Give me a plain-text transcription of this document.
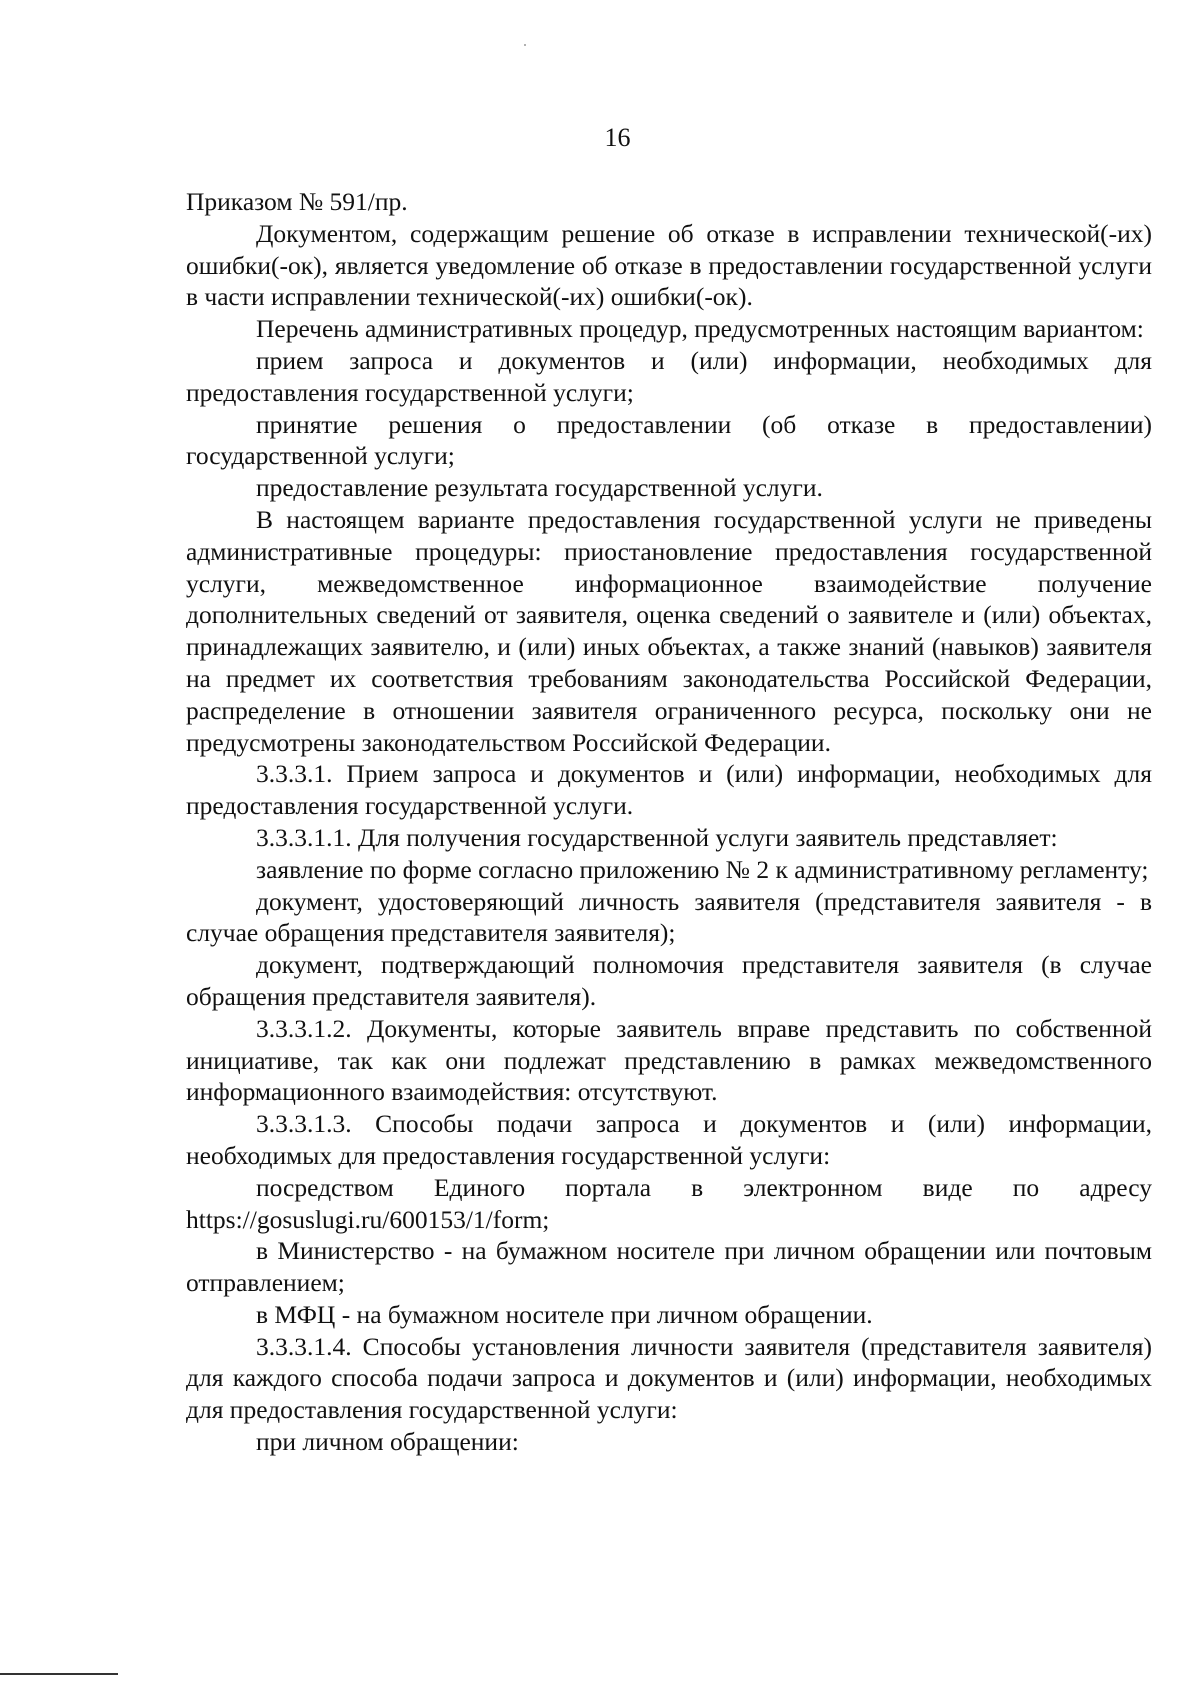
16

Приказом № 591/пр.

Документом, содержащим решение об отказе в исправлении технической(-их) ошибки(-ок), является уведомление об отказе в предоставлении государственной услуги в части исправлении технической(-их) ошибки(-ок).

Перечень административных процедур, предусмотренных настоящим вариантом:

прием запроса и документов и (или) информации, необходимых для предоставления государственной услуги;

принятие решения о предоставлении (об отказе в предоставлении) государственной услуги;

предоставление результата государственной услуги.

В настоящем варианте предоставления государственной услуги не приведены административные процедуры: приостановление предоставления государственной услуги, межведомственное информационное взаимодействие получение дополнительных сведений от заявителя, оценка сведений о заявителе и (или) объектах, принадлежащих заявителю, и (или) иных объектах, а также знаний (навыков) заявителя на предмет их соответствия требованиям законодательства Российской Федерации, распределение в отношении заявителя ограниченного ресурса, поскольку они не предусмотрены законодательством Российской Федерации.

3.3.3.1. Прием запроса и документов и (или) информации, необходимых для предоставления государственной услуги.

3.3.3.1.1. Для получения государственной услуги заявитель представляет:

заявление по форме согласно приложению № 2 к административному регламенту;

документ, удостоверяющий личность заявителя (представителя заявителя - в случае обращения представителя заявителя);

документ, подтверждающий полномочия представителя заявителя (в случае обращения представителя заявителя).

3.3.3.1.2. Документы, которые заявитель вправе представить по собственной инициативе, так как они подлежат представлению в рамках межведомственного информационного взаимодействия: отсутствуют.

3.3.3.1.3. Способы подачи запроса и документов и (или) информации, необходимых для предоставления государственной услуги:

посредством Единого портала в электронном виде по адресу https://gosuslugi.ru/600153/1/form;

в Министерство - на бумажном носителе при личном обращении или почтовым отправлением;

в МФЦ - на бумажном носителе при личном обращении.

3.3.3.1.4. Способы установления личности заявителя (представителя заявителя) для каждого способа подачи запроса и документов и (или) информации, необходимых для предоставления государственной услуги:

при личном обращении:
